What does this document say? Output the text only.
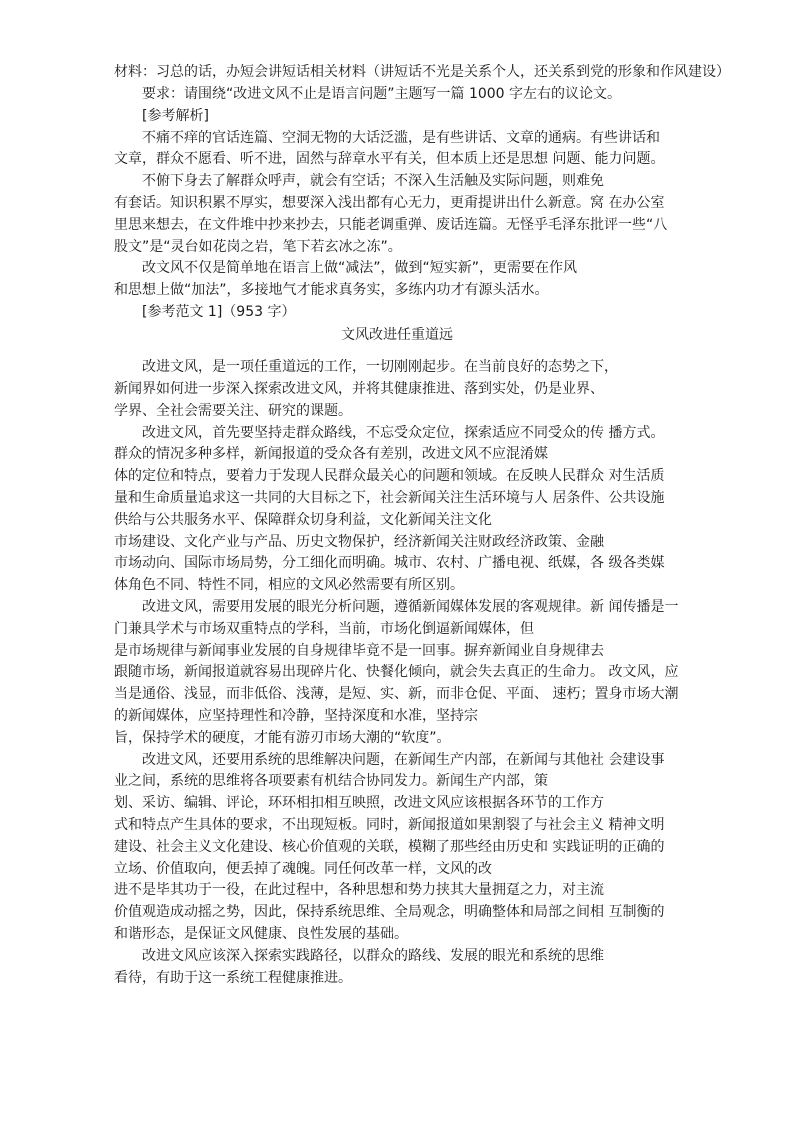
材料：习总的话，办短会讲短话相关材料（讲短话不光是关系个人，还关系到党的形象和作风建设）
　　要求：请围绕“改进文风不止是语言问题”主题写一篇 1000 字左右的议论文。
　　[参考解析]
　　不痛不痒的官话连篇、空洞无物的大话泛滥，是有些讲话、文章的通病。有些讲话和
文章，群众不愿看、听不进，固然与辞章水平有关，但本质上还是思想 问题、能力问题。
　　不俯下身去了解群众呼声，就会有空话；不深入生活触及实际问题，则难免
有套话。知识积累不厚实，想要深入浅出都有心无力，更甭提讲出什么新意。窝 在办公室
里思来想去，在文件堆中抄来抄去，只能老调重弹、废话连篇。无怪乎毛泽东批评一些“八
股文”是“灵台如花岗之岩，笔下若玄冰之冻”。
　　改文风不仅是简单地在语言上做“减法”，做到“短实新”，更需要在作风
和思想上做“加法”，多接地气才能求真务实，多练内功才有源头活水。
　　[参考范文 1]（953 字）
文风改进任重道远
　　改进文风，是一项任重道远的工作，一切刚刚起步。在当前良好的态势之下，
新闻界如何进一步深入探索改进文风，并将其健康推进、落到实处，仍是业界、
学界、全社会需要关注、研究的课题。
　　改进文风，首先要坚持走群众路线，不忘受众定位，探索适应不同受众的传 播方式。
群众的情况多种多样，新闻报道的受众各有差别，改进文风不应混淆媒
体的定位和特点，要着力于发现人民群众最关心的问题和领域。在反映人民群众 对生活质
量和生命质量追求这一共同的大目标之下，社会新闻关注生活环境与人 居条件、公共设施
供给与公共服务水平、保障群众切身利益，文化新闻关注文化
市场建设、文化产业与产品、历史文物保护，经济新闻关注财政经济政策、金融
市场动向、国际市场局势，分工细化而明确。城市、农村、广播电视、纸媒，各 级各类媒
体角色不同、特性不同，相应的文风必然需要有所区别。
　　改进文风，需要用发展的眼光分析问题，遵循新闻媒体发展的客观规律。新 闻传播是一
门兼具学术与市场双重特点的学科，当前，市场化倒逼新闻媒体，但
是市场规律与新闻事业发展的自身规律毕竟不是一回事。摒弃新闻业自身规律去
跟随市场，新闻报道就容易出现碎片化、快餐化倾向，就会失去真正的生命力。 改文风，应
当是通俗、浅显，而非低俗、浅薄，是短、实、新，而非仓促、平面、 速朽；置身市场大潮
的新闻媒体，应坚持理性和冷静，坚持深度和水准，坚持宗
旨，保持学术的硬度，才能有游刃市场大潮的“软度”。
　　改进文风，还要用系统的思维解决问题，在新闻生产内部，在新闻与其他社 会建设事
业之间，系统的思维将各项要素有机结合协同发力。新闻生产内部，策
划、采访、编辑、评论，环环相扣相互映照，改进文风应该根据各环节的工作方
式和特点产生具体的要求，不出现短板。同时，新闻报道如果割裂了与社会主义 精神文明
建设、社会主义文化建设、核心价值观的关联，模糊了那些经由历史和 实践证明的正确的
立场、价值取向，便丢掉了魂魄。同任何改革一样，文风的改
进不是毕其功于一役，在此过程中，各种思想和势力挟其大量拥趸之力，对主流
价值观造成动摇之势，因此，保持系统思维、全局观念，明确整体和局部之间相 互制衡的
和谐形态，是保证文风健康、良性发展的基础。
　　改进文风应该深入探索实践路径，以群众的路线、发展的眼光和系统的思维
看待，有助于这一系统工程健康推进。
